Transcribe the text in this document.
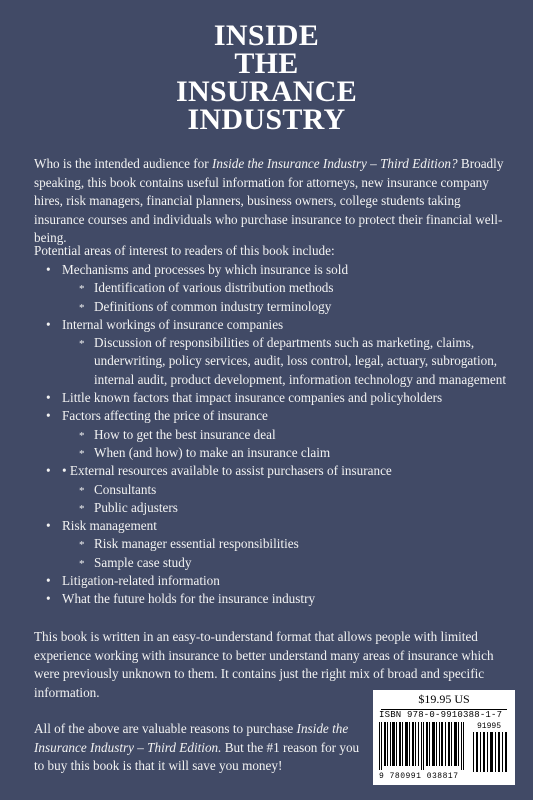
INSIDE
THE
INSURANCE
INDUSTRY
Who is the intended audience for Inside the Insurance Industry – Third Edition? Broadly speaking, this book contains useful information for attorneys, new insurance company hires, risk managers, financial planners, business owners, college students taking insurance courses and individuals who purchase insurance to protect their financial well-being.
Potential areas of interest to readers of this book include:
• Mechanisms and processes by which insurance is sold
* Identification of various distribution methods
* Definitions of common industry terminology
• Internal workings of insurance companies
* Discussion of responsibilities of departments such as marketing, claims, underwriting, policy services, audit, loss control, legal, actuary, subrogation, internal audit, product development, information technology and management
• Little known factors that impact insurance companies and policyholders
• Factors affecting the price of insurance
* How to get the best insurance deal
* When (and how) to make an insurance claim
• • External resources available to assist purchasers of insurance
* Consultants
* Public adjusters
• Risk management
* Risk manager essential responsibilities
* Sample case study
• Litigation-related information
• What the future holds for the insurance industry
This book is written in an easy-to-understand format that allows people with limited experience working with insurance to better understand many areas of insurance which were previously unknown to them. It contains just the right mix of broad and specific information.
All of the above are valuable reasons to purchase Inside the Insurance Industry – Third Edition. But the #1 reason for you to buy this book is that it will save you money!
$19.95 US
ISBN 978-0-9910388-1-7
91995
9 780991 038817
